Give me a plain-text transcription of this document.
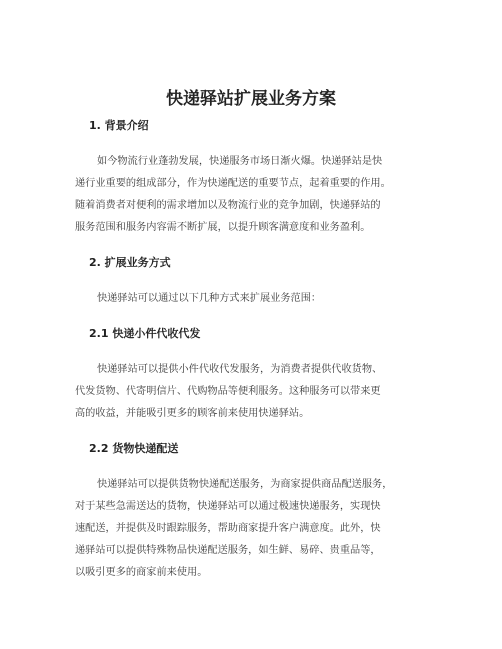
快递驿站扩展业务方案
1. 背景介绍
如今物流行业蓬勃发展，快递服务市场日渐火爆。快递驿站是快
递行业重要的组成部分，作为快递配送的重要节点，起着重要的作用。
随着消费者对便利的需求增加以及物流行业的竞争加剧，快递驿站的
服务范围和服务内容需不断扩展，以提升顾客满意度和业务盈利。
2. 扩展业务方式
快递驿站可以通过以下几种方式来扩展业务范围：
2.1 快递小件代收代发
快递驿站可以提供小件代收代发服务，为消费者提供代收货物、
代发货物、代寄明信片、代购物品等便利服务。这种服务可以带来更
高的收益，并能吸引更多的顾客前来使用快递驿站。
2.2 货物快递配送
快递驿站可以提供货物快递配送服务，为商家提供商品配送服务，
对于某些急需送达的货物，快递驿站可以通过极速快递服务，实现快
速配送，并提供及时跟踪服务，帮助商家提升客户满意度。此外，快
递驿站可以提供特殊物品快递配送服务，如生鲜、易碎、贵重品等，
以吸引更多的商家前来使用。
